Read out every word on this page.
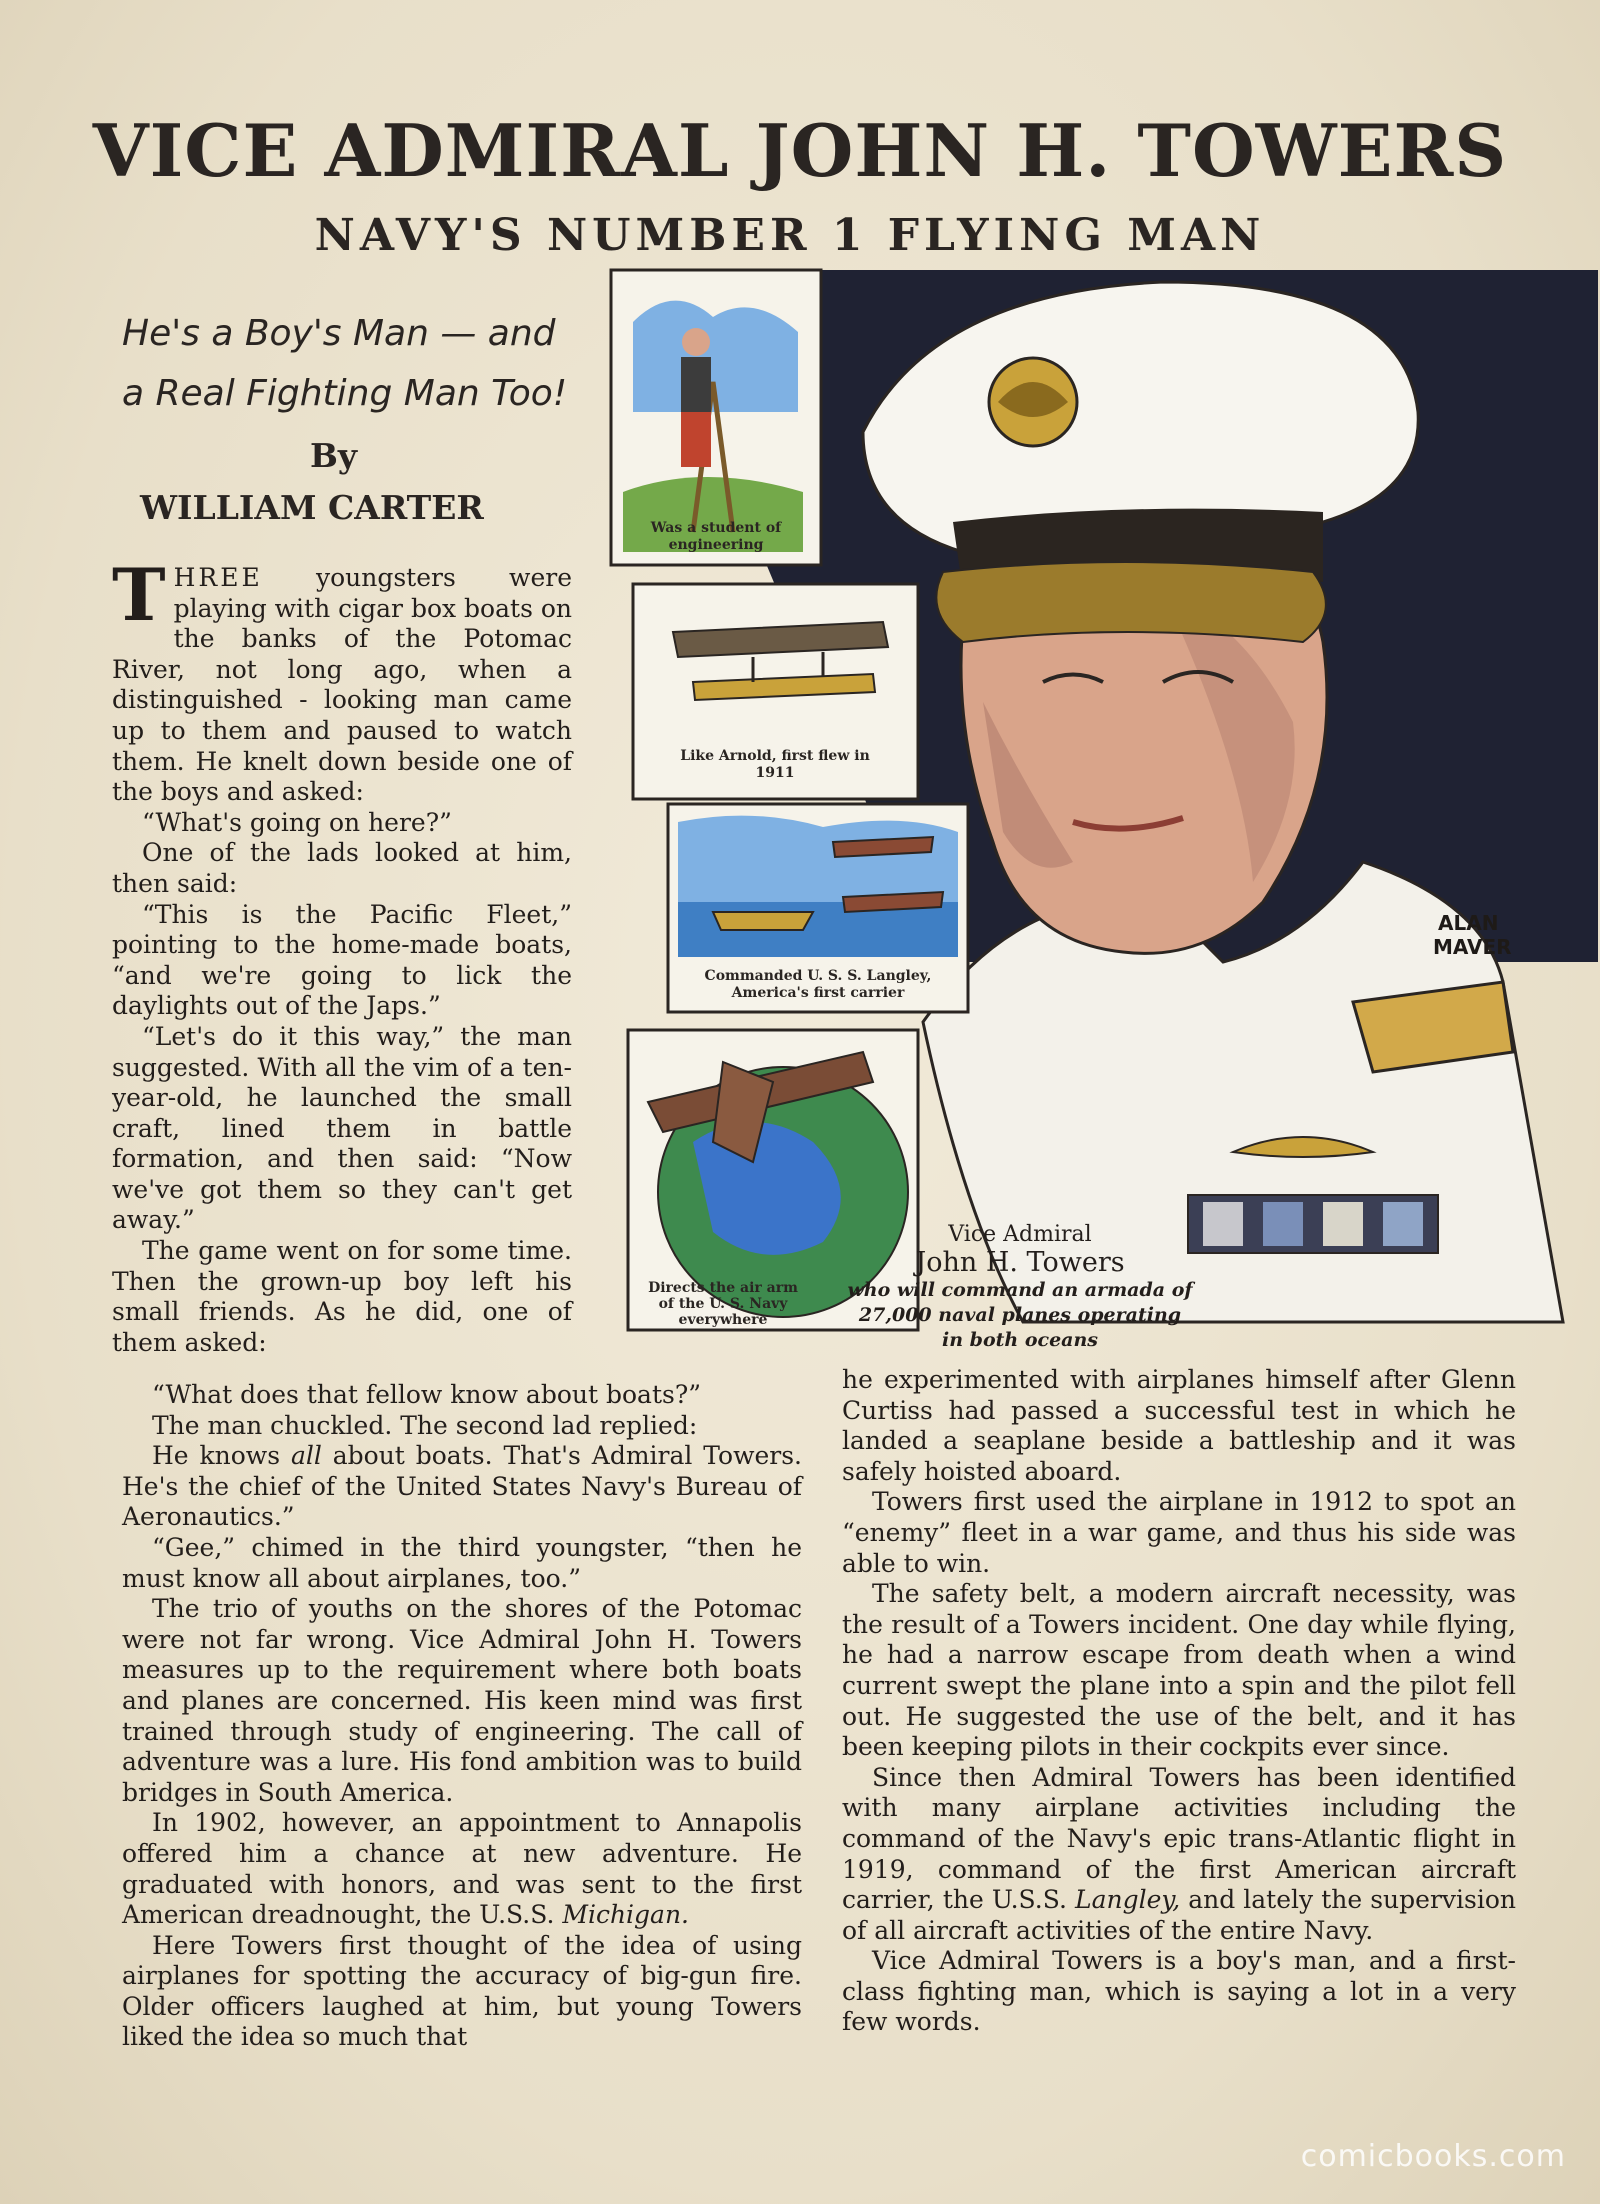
VICE ADMIRAL JOHN H. TOWERS
NAVY'S NUMBER 1 FLYING MAN
He's a Boy's Man — and
a Real Fighting Man Too!
By
WILLIAM CARTER

THREE youngsters were playing with cigar box boats on the banks of the Potomac River, not long ago, when a distinguished - looking man came up to them and paused to watch them. He knelt down beside one of the boys and asked:

“What's going on here?”

One of the lads looked at him, then said:

“This is the Pacific Fleet,” pointing to the home-made boats, “and we're going to lick the daylights out of the Japs.”

“Let's do it this way,” the man suggested. With all the vim of a ten-year-old, he launched the small craft, lined them in battle formation, and then said: “Now we've got them so they can't get away.”

The game went on for some time. Then the grown-up boy left his small friends. As he did, one of them asked:

Was a student of
engineering
Like Arnold, first flew in
1911
Commanded U. S. S. Langley,
America's first carrier
Directs the air arm
of the U. S. Navy
everywhere
ALAN
MAVER
Vice Admiral
John H. Towers
who will command an armada of
27,000 naval planes operating
in both oceans

“What does that fellow know about boats?”

The man chuckled. The second lad replied:

He knows all about boats. That's Admiral Towers. He's the chief of the United States Navy's Bureau of Aeronautics.”

“Gee,” chimed in the third youngster, “then he must know all about airplanes, too.”

The trio of youths on the shores of the Potomac were not far wrong. Vice Admiral John H. Towers measures up to the requirement where both boats and planes are concerned. His keen mind was first trained through study of engineering. The call of adventure was a lure. His fond ambition was to build bridges in South America.

In 1902, however, an appointment to Annapolis offered him a chance at new adventure. He graduated with honors, and was sent to the first American dreadnought, the U.S.S. Michigan.

Here Towers first thought of the idea of using airplanes for spotting the accuracy of big-gun fire. Older officers laughed at him, but young Towers liked the idea so much that

he experimented with airplanes himself after Glenn Curtiss had passed a successful test in which he landed a seaplane beside a battleship and it was safely hoisted aboard.

Towers first used the airplane in 1912 to spot an “enemy” fleet in a war game, and thus his side was able to win.

The safety belt, a modern aircraft necessity, was the result of a Towers incident. One day while flying, he had a narrow escape from death when a wind current swept the plane into a spin and the pilot fell out. He suggested the use of the belt, and it has been keeping pilots in their cockpits ever since.

Since then Admiral Towers has been identified with many airplane activities including the command of the Navy's epic trans-Atlantic flight in 1919, command of the first American aircraft carrier, the U.S.S. Langley, and lately the supervision of all aircraft activities of the entire Navy.

Vice Admiral Towers is a boy's man, and a first-class fighting man, which is saying a lot in a very few words.

comicbooks.com
